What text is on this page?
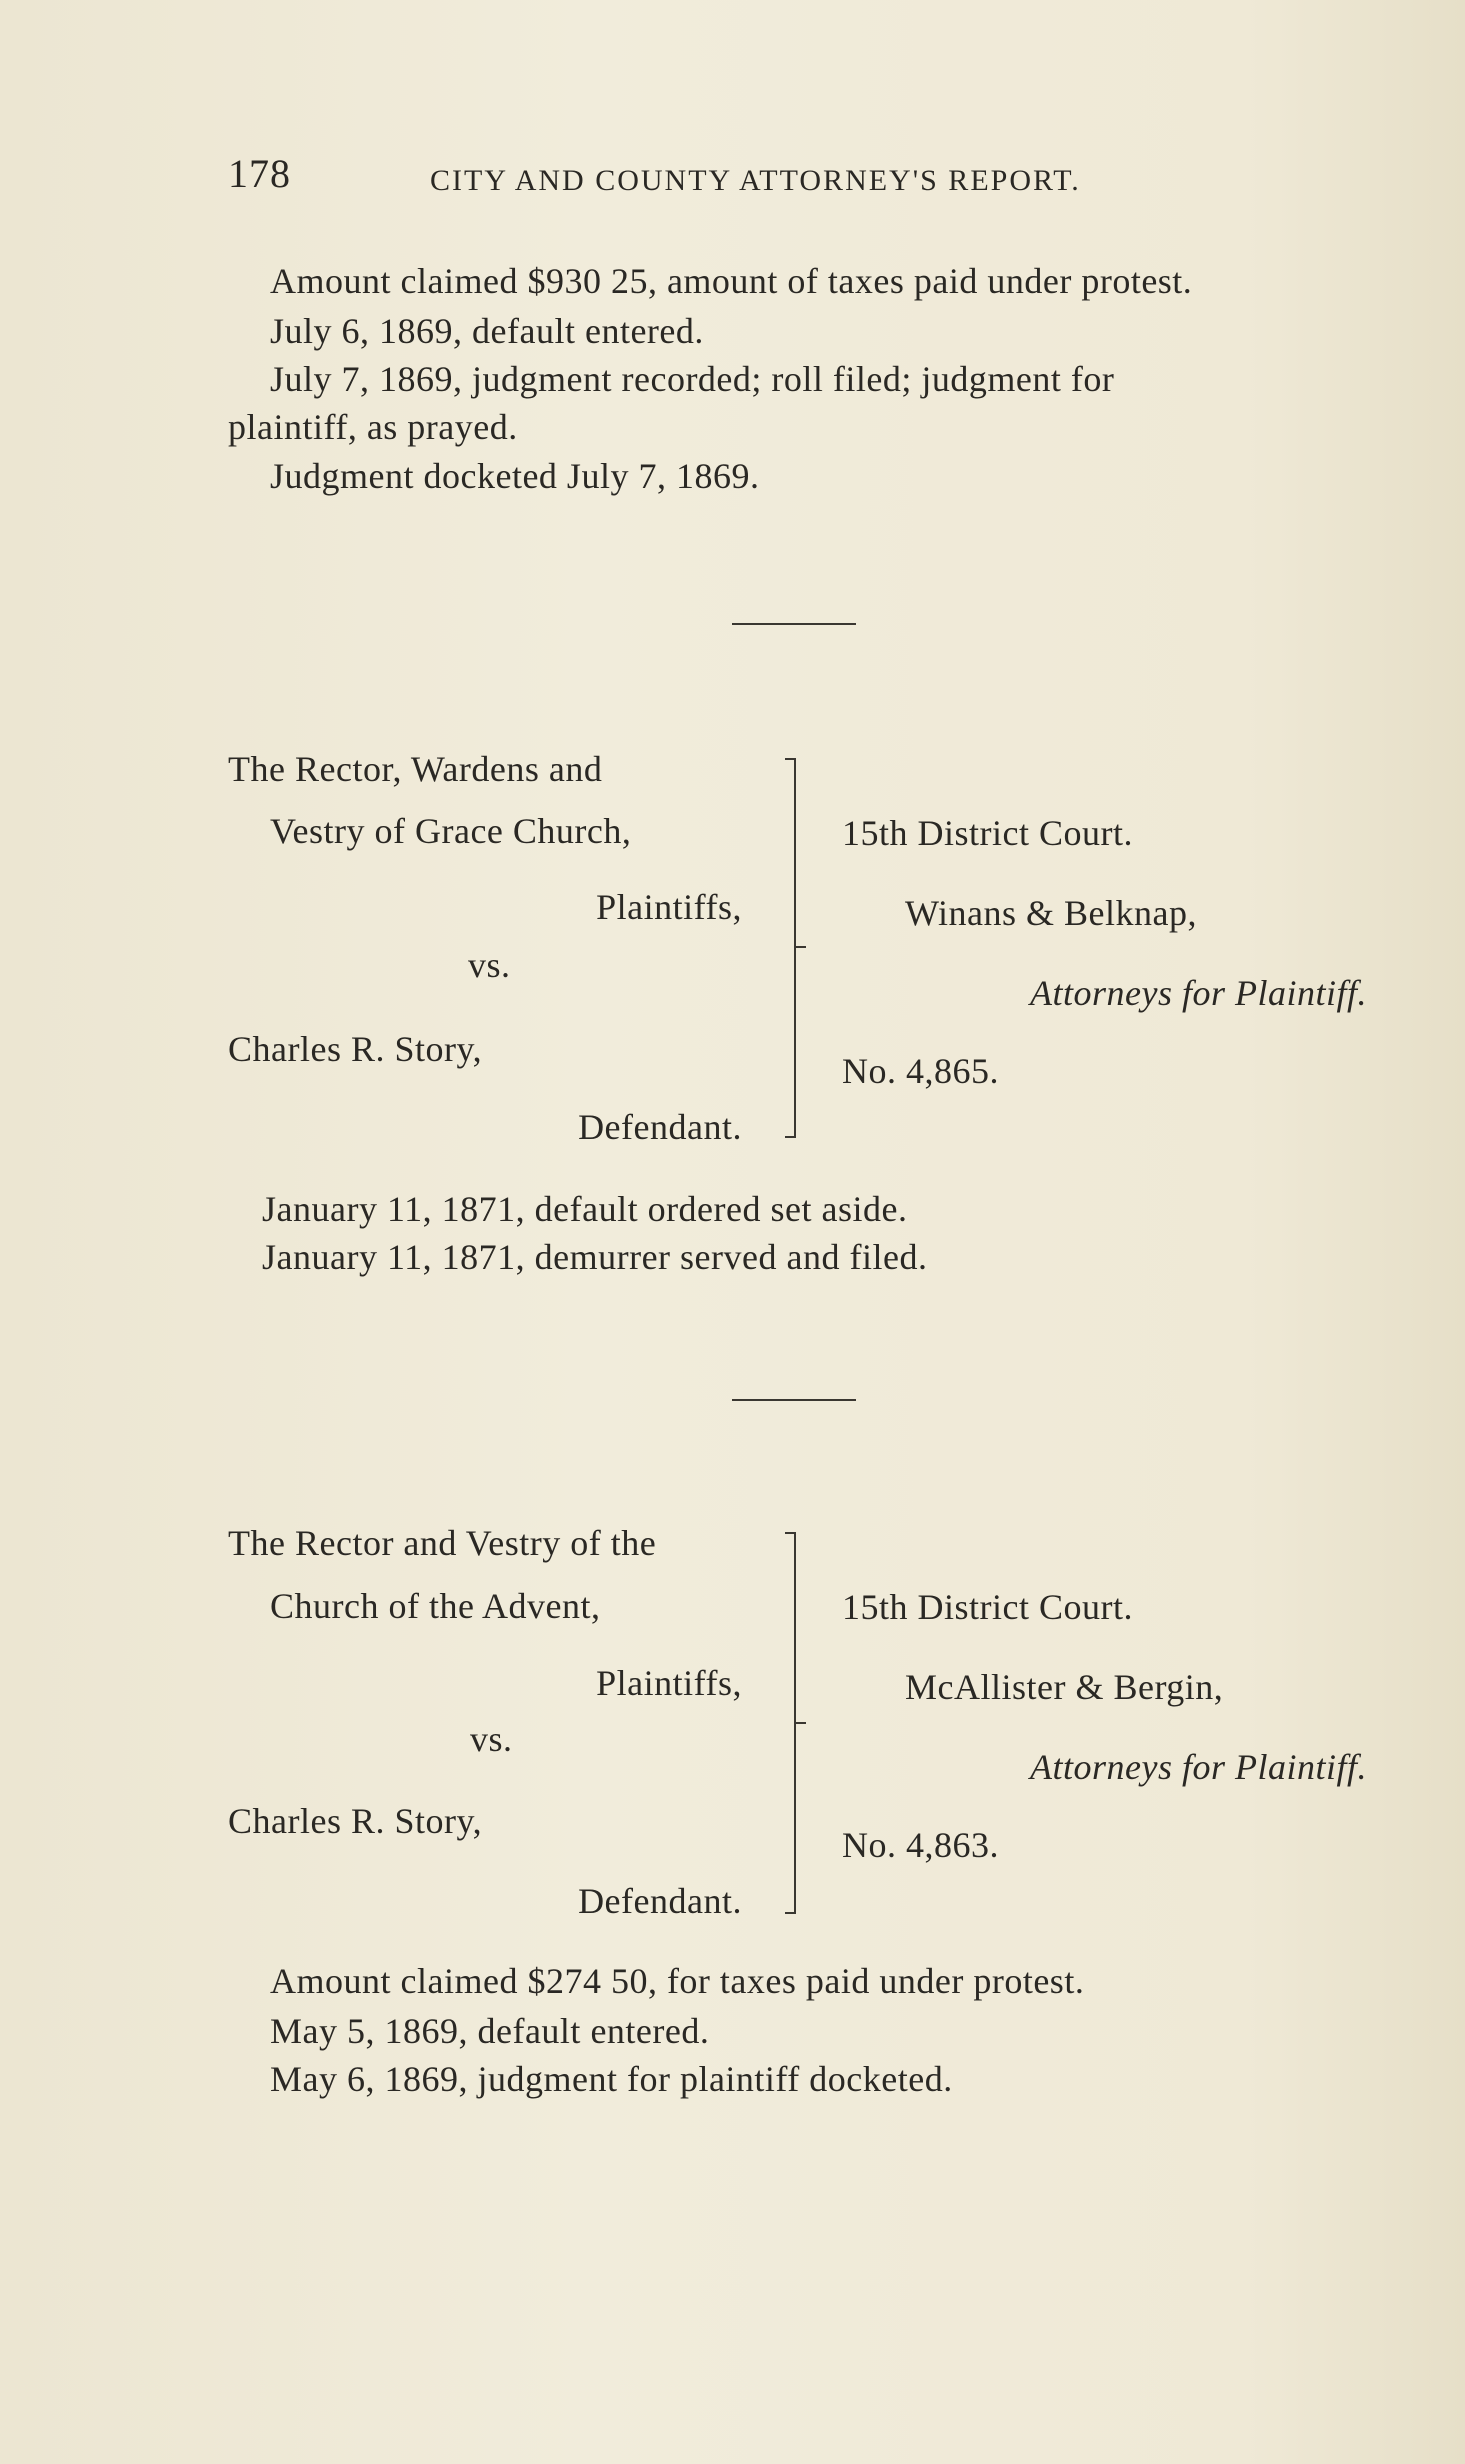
178	CITY AND COUNTY ATTORNEY'S REPORT.
Amount claimed $930 25, amount of taxes paid under protest.
July 6, 1869, default entered.
July 7, 1869, judgment recorded; roll filed; judgment for
plaintiff, as prayed.
Judgment docketed July 7, 1869.
The Rector, Wardens and
Vestry of Grace Church,
Plaintiffs,
vs.
Charles R. Story,
Defendant.
15th District Court.
Winans & Belknap,
Attorneys for Plaintiff.
No. 4,865.
January 11, 1871, default ordered set aside.
January 11, 1871, demurrer served and filed.
The Rector and Vestry of the
Church of the Advent,
Plaintiffs,
vs.
Charles R. Story,
Defendant.
15th District Court.
McAllister & Bergin,
Attorneys for Plaintiff.
No. 4,863.
Amount claimed $274 50, for taxes paid under protest.
May 5, 1869, default entered.
May 6, 1869, judgment for plaintiff docketed.
